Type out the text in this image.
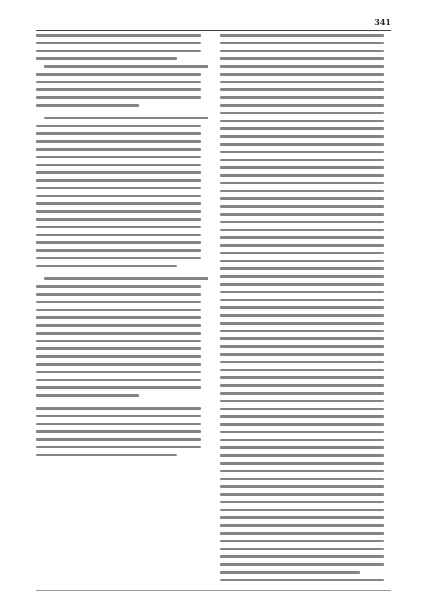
341
